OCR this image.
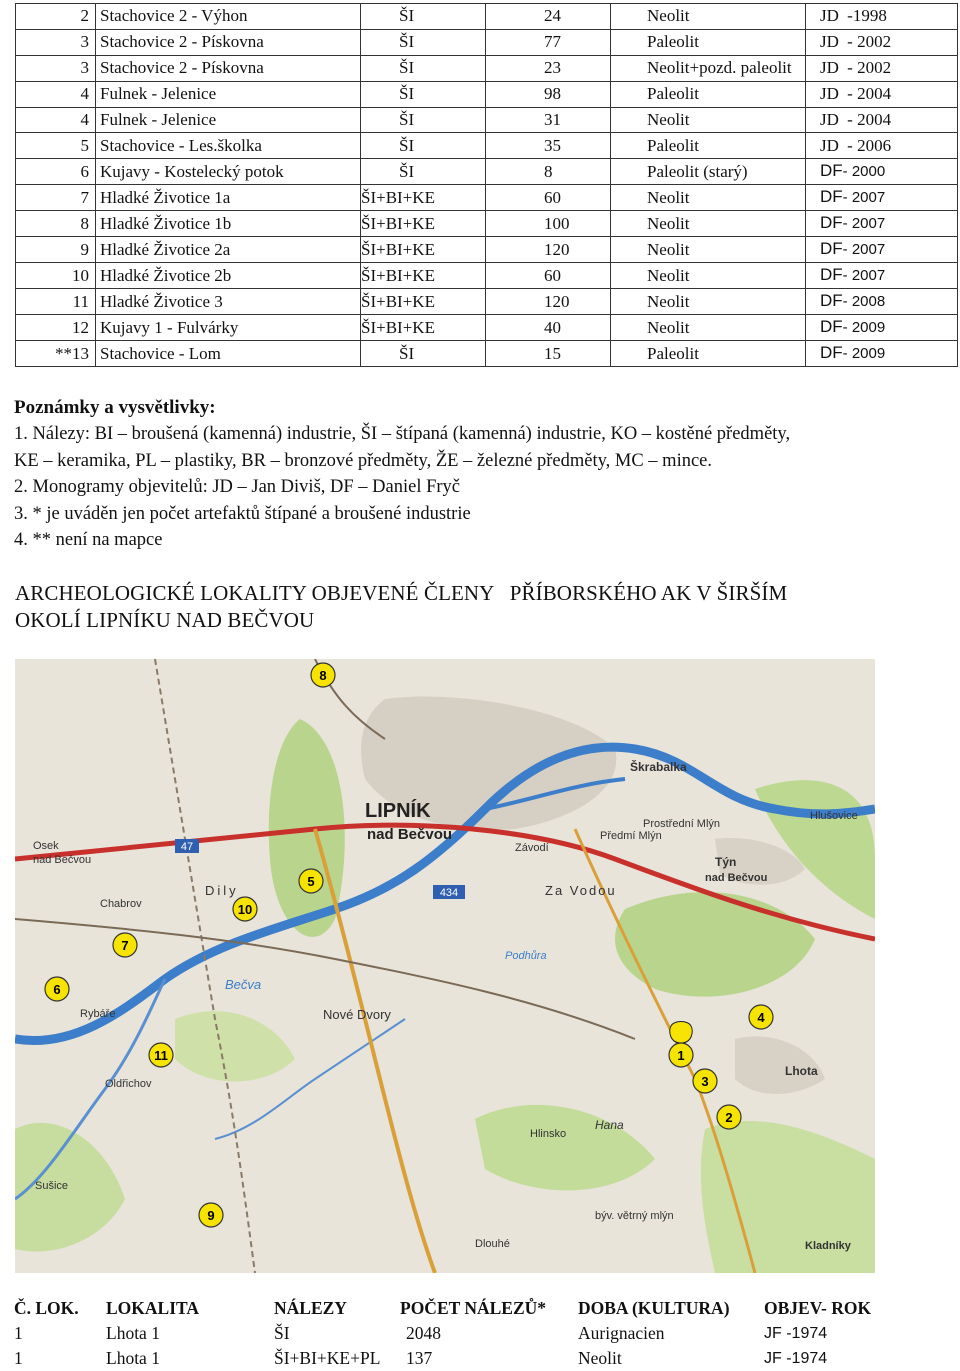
2	Stachovice 2 - Výhon	ŠI	24	Neolit	JD -1998
3	Stachovice 2 - Pískovna	ŠI	77	Paleolit	JD - 2002
3	Stachovice 2 - Pískovna	ŠI	23	Neolit+pozd. paleolit	JD - 2002
4	Fulnek - Jelenice	ŠI	98	Paleolit	JD - 2004
4	Fulnek - Jelenice	ŠI	31	Neolit	JD - 2004
5	Stachovice - Les.školka	ŠI	35	Paleolit	JD - 2006
6	Kujavy - Kostelecký potok	ŠI	8	Paleolit (starý)	DF- 2000
7	Hladké Životice 1a	ŠI+BI+KE	60	Neolit	DF- 2007
8	Hladké Životice 1b	ŠI+BI+KE	100	Neolit	DF- 2007
9	Hladké Životice 2a	ŠI+BI+KE	120	Neolit	DF- 2007
10	Hladké Životice 2b	ŠI+BI+KE	60	Neolit	DF- 2007
11	Hladké Životice 3	ŠI+BI+KE	120	Neolit	DF- 2008
12	Kujavy 1 - Fulvárky	ŠI+BI+KE	40	Neolit	DF- 2009
**13	Stachovice - Lom	ŠI	15	Paleolit	DF- 2009

Poznámky a vysvětlivky:

1. Nálezy: BI – broušená (kamenná) industrie, ŠI – štípaná (kamenná) industrie, KO – kostěné předměty,

KE – keramika, PL – plastiky, BR – bronzové předměty, ŽE – železné předměty, MC – mince.

2. Monogramy objevitelů: JD – Jan Diviš, DF – Daniel Fryč

3. * je uváděn jen počet artefaktů štípané a broušené industrie

4. ** není na mapce

ARCHEOLOGICKÉ LOKALITY OBJEVENÉ ČLENY   PŘÍBORSKÉHO AK V ŠIRŠÍM
OKOLÍ LIPNÍKU NAD BEČVOU
47
434
LIPNÍK
nad Bečvou
Osek
nad Bečvou
Dily
Chabrov
Rybáře
Oldřichov
Sušice
Nové Dvory
Závodí
Za Vodou
Podhůra
Škrabalka
Předmí Mlýn
Prostřední Mlýn
Týn
nad Bečvou
Lhota
Hlinsko
Hana
Kladníky
Bečva
Hlušovice
Dlouhé
býv. větrný mlýn
1
2
3
4
5
6
7
8
9
10
11
Č. LOK.	LOKALITA	NÁLEZY	POČET NÁLEZŮ*	DOBA (KULTURA)	OBJEV- ROK
1	Lhota 1	ŠI	2048	Aurignacien	JF -1974
1	Lhota 1	ŠI+BI+KE+PL	137	Neolit	JF -1974
